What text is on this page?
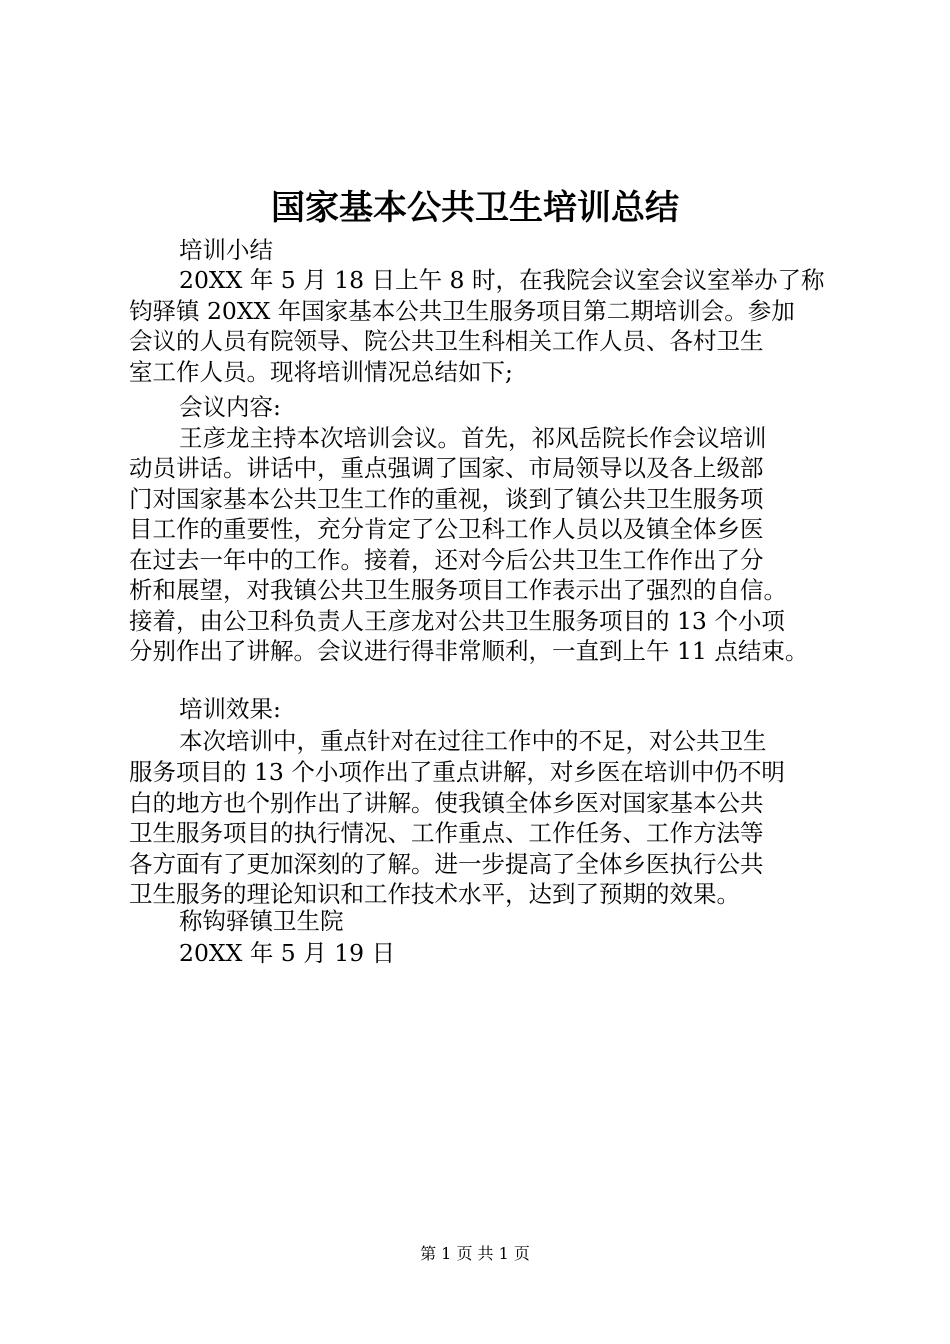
国家基本公共卫生培训总结
培训小结
20XX 年 5 月 18 日上午 8 时，在我院会议室会议室举办了称
钧驿镇 20XX 年国家基本公共卫生服务项目第二期培训会。参加
会议的人员有院领导、院公共卫生科相关工作人员、各村卫生
室工作人员。现将培训情况总结如下;
会议内容:
王彦龙主持本次培训会议。首先，祁风岳院长作会议培训
动员讲话。讲话中，重点强调了国家、市局领导以及各上级部
门对国家基本公共卫生工作的重视，谈到了镇公共卫生服务项
目工作的重要性，充分肯定了公卫科工作人员以及镇全体乡医
在过去一年中的工作。接着，还对今后公共卫生工作作出了分
析和展望，对我镇公共卫生服务项目工作表示出了强烈的自信。
接着，由公卫科负责人王彦龙对公共卫生服务项目的 13 个小项
分别作出了讲解。会议进行得非常顺利，一直到上午 11 点结束。
培训效果:
本次培训中，重点针对在过往工作中的不足，对公共卫生
服务项目的 13 个小项作出了重点讲解，对乡医在培训中仍不明
白的地方也个别作出了讲解。使我镇全体乡医对国家基本公共
卫生服务项目的执行情况、工作重点、工作任务、工作方法等
各方面有了更加深刻的了解。进一步提高了全体乡医执行公共
卫生服务的理论知识和工作技术水平，达到了预期的效果。
称钩驿镇卫生院
20XX 年 5 月 19 日
第 1 页 共 1 页
